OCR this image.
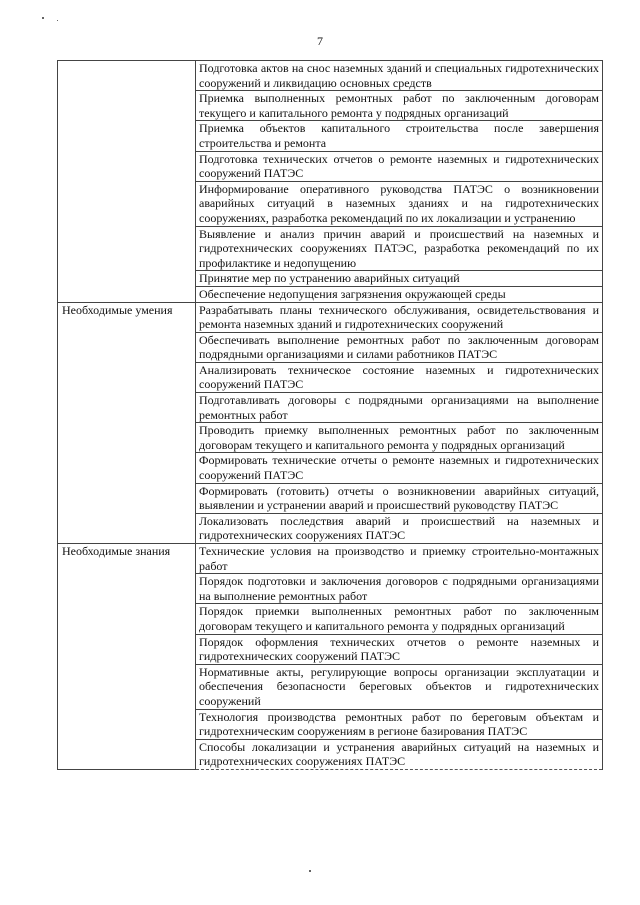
7
	Подготовка актов на снос наземных зданий и специальных гидротехнических сооружений и ликвидацию основных средств
	Приемка выполненных ремонтных работ по заключенным договорам текущего и капитального ремонта у подрядных организаций
	Приемка объектов капитального строительства после завершения строительства и ремонта
	Подготовка технических отчетов о ремонте наземных и гидротехнических сооружений ПАТЭС
	Информирование оперативного руководства ПАТЭС о возникновении аварийных ситуаций в наземных зданиях и на гидротехнических сооружениях, разработка рекомендаций по их локализации и устранению
	Выявление и анализ причин аварий и происшествий на наземных и гидротехнических сооружениях ПАТЭС, разработка рекомендаций по их профилактике и недопущению
	Принятие мер по устранению аварийных ситуаций
	Обеспечение недопущения загрязнения окружающей среды
Необходимые умения	Разрабатывать планы технического обслуживания, освидетельствования и ремонта наземных зданий и гидротехнических сооружений
	Обеспечивать выполнение ремонтных работ по заключенным договорам подрядными организациями и силами работников ПАТЭС
	Анализировать техническое состояние наземных и гидротехнических сооружений ПАТЭС
	Подготавливать договоры с подрядными организациями на выполнение ремонтных работ
	Проводить приемку выполненных ремонтных работ по заключенным договорам текущего и капитального ремонта у подрядных организаций
	Формировать технические отчеты о ремонте наземных и гидротехнических сооружений ПАТЭС
	Формировать (готовить) отчеты о возникновении аварийных ситуаций, выявлении и устранении аварий и происшествий руководству ПАТЭС
	Локализовать последствия аварий и происшествий на наземных и гидротехнических сооружениях ПАТЭС
Необходимые знания	Технические условия на производство и приемку строительно-монтажных работ
	Порядок подготовки и заключения договоров с подрядными организациями на выполнение ремонтных работ
	Порядок приемки выполненных ремонтных работ по заключенным договорам текущего и капитального ремонта у подрядных организаций
	Порядок оформления технических отчетов о ремонте наземных и гидротехнических сооружений ПАТЭС
	Нормативные акты, регулирующие вопросы организации эксплуатации и обеспечения безопасности береговых объектов и гидротехнических сооружений
	Технология производства ремонтных работ по береговым объектам и гидротехническим сооружениям в регионе базирования ПАТЭС
	Способы локализации и устранения аварийных ситуаций на наземных и гидротехнических сооружениях ПАТЭС
